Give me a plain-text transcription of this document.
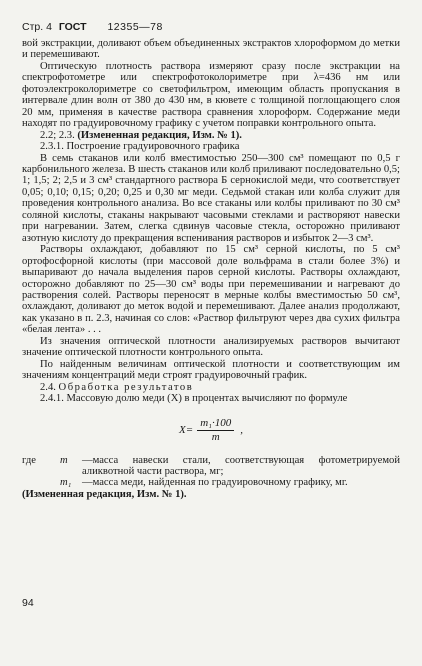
Стр. 4 ГОСТ 12355—78

вой экстракции, доливают объем объединенных экстрактов хлороформом до метки и перемешивают.

Оптическую плотность раствора измеряют сразу после экстракции на спектрофотометре или спектрофотоколориметре при λ=436 нм или фотоэлектроколориметре со светофильтром, имеющим область пропускания в интервале длин волн от 380 до 430 нм, в кювете с толщиной поглощающего слоя 20 мм, применяя в качестве раствора сравнения хлороформ. Содержание меди находят по градуировочному графику с учетом поправки контрольного опыта.

2.2; 2.3. (Измененная редакция, Изм. № 1).

2.3.1. Построение градуировочного графика

В семь стаканов или колб вместимостью 250—300 см³ помещают по 0,5 г карбонильного железа. В шесть стаканов или колб приливают последовательно 0,5; 1; 1,5; 2; 2,5 и 3 см³ стандартного раствора Б сернокислой меди, что соответствует 0,05; 0,10; 0,15; 0,20; 0,25 и 0,30 мг меди. Седьмой стакан или колба служит для проведения контрольного анализа. Во все стаканы или колбы приливают по 30 см³ соляной кислоты, стаканы накрывают часовыми стеклами и растворяют навески при нагревании. Затем, слегка сдвинув часовые стекла, осторожно приливают азотную кислоту до прекращения вспенивания растворов и избыток 2—3 см³.

Растворы охлаждают, добавляют по 15 см³ серной кислоты, по 5 см³ ортофосфорной кислоты (при массовой доле вольфрама в стали более 3%) и выпаривают до начала выделения паров серной кислоты. Растворы охлаждают, осторожно добавляют по 25—30 см³ воды при перемешивании и нагревают до растворения солей. Растворы переносят в мерные колбы вместимостью 50 см³, охлаждают, доливают до меток водой и перемешивают. Далее анализ продолжают, как указано в п. 2.3, начиная со слов: «Раствор фильтруют через два сухих фильтра «белая лента» . . .

Из значения оптической плотности анализируемых растворов вычитают значение оптической плотности контрольного опыта.

По найденным величинам оптической плотности и соответствующим им значениям концентраций меди строят градуировочный график.

2.4. Обработка результатов

2.4.1. Массовую долю меди (X) в процентах вычисляют по формуле

$X= \frac{\text{m₁·100}}{m}$ ,
где	m	—масса навески стали, соответствующая фотометрируемой аликвотной части раствора, мг;
	m₁	—масса меди, найденная по градуировочному графику, мг.

(Измененная редакция, Изм. № 1).

94
